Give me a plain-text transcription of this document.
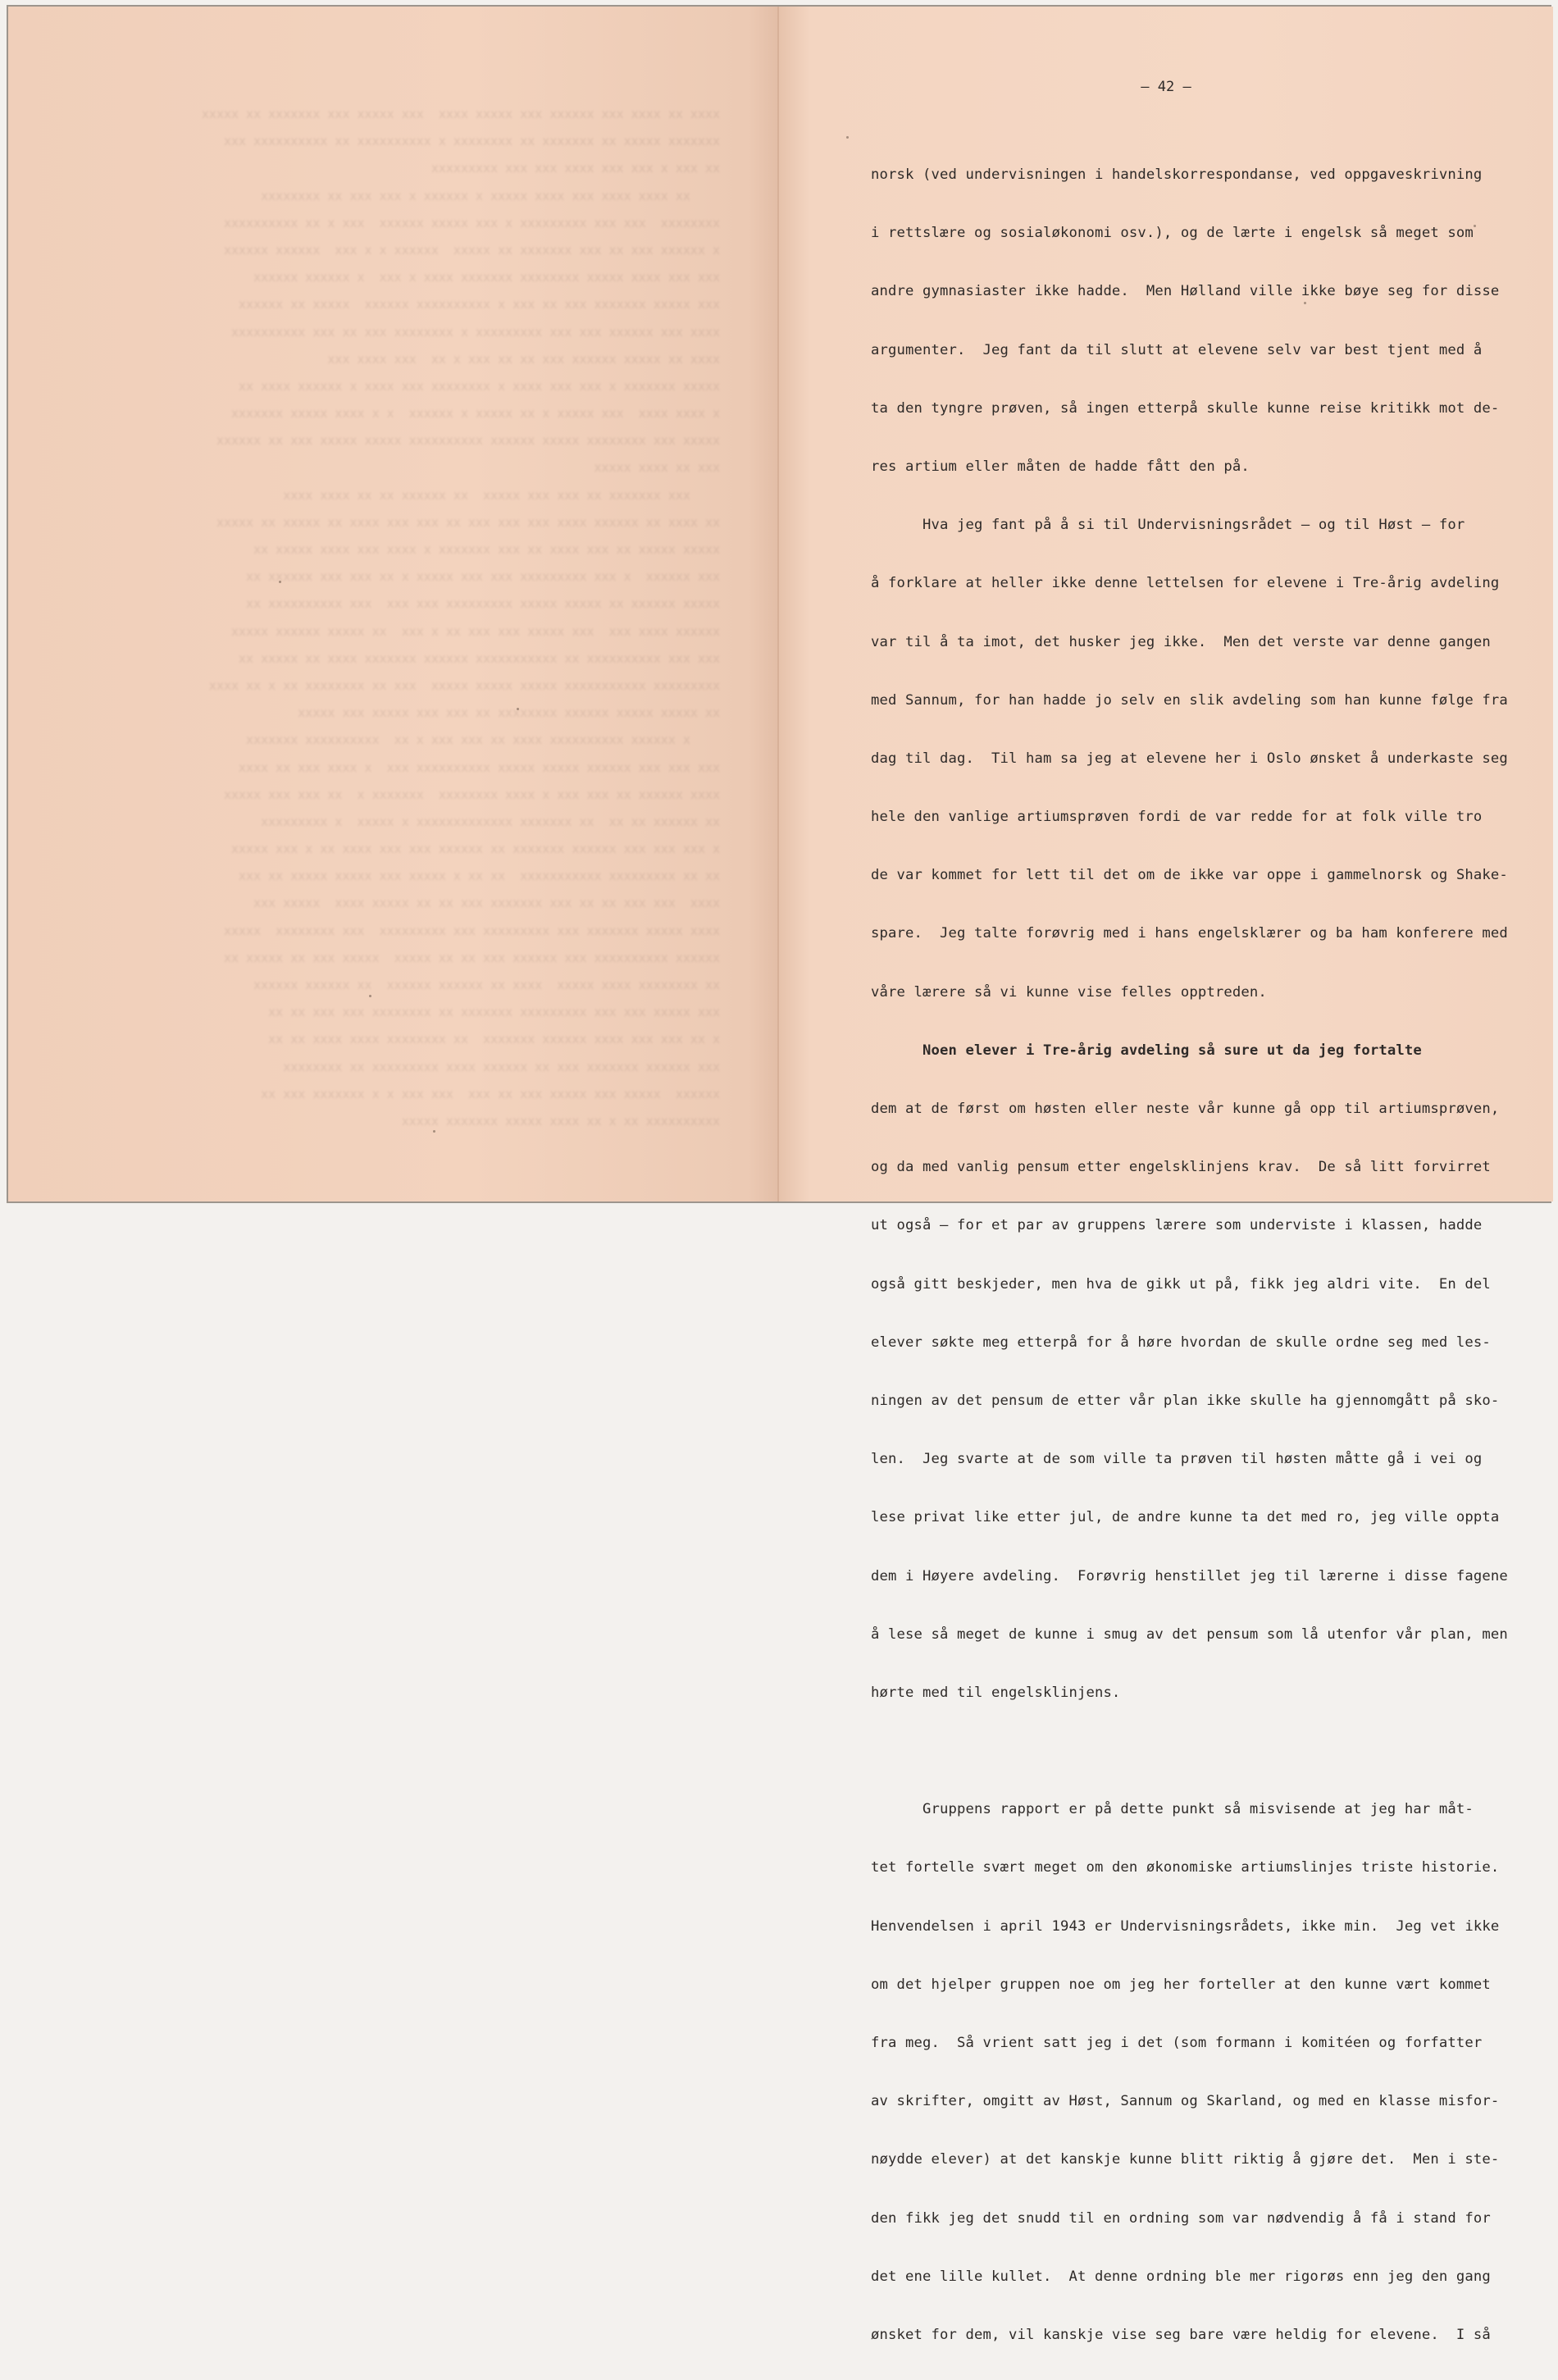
xxxx xx xxxx xxx xxxxxx xxx xxxxx xxxx  xxx xxxxx xxx xxxxxxx xx xxxxx
xxxxxxx xxxxx xx xxxxxxx xx xxxxxxxx x xxxxxxxxxx xx xxxxxxxxxx xxx
xx xxx x xxx xxx xxxx xxx xxx xxxxxxxxx
xx xxxx xxxx xxx xxxx xxxxx x xxxxxx x xxx xxx xx xxxxxxxx
xxxxxxxx  xxx xxx xxxxxxxxx x xxx xxxxx xxxxxx  xxx x xx xxxxxxxxxx
x xxxxxx xxx xx xxx xxxxxxx xx xxxxx  xxxxxx x x xxx  xxxxxx xxxxxx
xxx xxx xxxx xxxxx xxxxxxxx xxxxxxx xxxx x xxx  x xxxxxx xxxxxx
xxx xxxxx xxxxxxx xxx xx xxx x xxxxxxxxxx xxxxxx  xxxxx xx xxxxxx
xxxx xxx xxxxxx xxx xxx xxxxxxxxx x xxxxxxxx xxx xx xxx xxxxxxxxxx
xxxx xx xxxxx xxxxxx xxx xx xx xxx x xx  xxx xxxx xxx
xxxxx xxxxxxx x xxx xxx xxxx x xxxxxxxx xxx xxxx x xxxxxx xxxx xx
x xxxx xxxx  xxx xxxxx x xx xxxxx x xxxxxx  x x xxxx xxxxx xxxxxxx
xxxxx xxx xxxxxxxx xxxxx xxxxxx xxxxxxxxxx xxxxx xxxxx xxx xx xxxxxx
xxx xx xxxx xxxxx
xxx xxxxxxx xx xxx xxx xxxxx  xx xxxxxx xx xx xxxx xxxx
xx xxxx xx xxxxxx xxxx xxx xxx xxx xx xxx xxx xxxx xx xxxxx xx xxxxx
xxxxx xxxxx xx xxx xxxx xx xxx xxxxxxx x xxxx xxx xxxx xxxxx xx
xxx xxxxxx  x xxx xxxxxxxxx xxx xxx xxxxx x xx xxx xxx xxxxxx xx
xxxxx xxxxxx xx xxxxx xxxxx xxxxxxxxx xxx xxx  xxx xxxxxxxxxx xx
xxxxxx xxxx xxx  xxx xxxxx xxx xxx xx x xxx  xx xxxxx xxxxxx xxxxx
xxx xxx xxxxxxxxxx xx xxxxxxxxxxx xxxxxx xxxxxxx xxxx xx xxxxx xx
xxxxxxxxx xxxxxxxxxxx xxxxx xxxxx xxxxx  xxx xx xxxxxxxx xx x xx xxxx
xx xxxxx xxxxx xxxxxx xxxxxxxx xx xxx xxx xxxxx xxx xxxxx
x xxxxxx xxxxxxxxxx xxxx xx xxx xxx x xx  xxxxxxxxxx xxxxxxx
xxx xxx xxx xxxxxx xxxxx xxxxx xxxxxxxxxx xxx  x xxxx xxx xx xxxx
xxxx xxxxxx xx xxx xxx x xxxx xxxxxxxx  xxxxxxx x  xx xxx xxx xxxxx
xx xxxxxx xx xx  xx xxxxxxx xxxxxxxxxxxxx x xxxxx  x xxxxxxxxx
x xxx xxx xxx xxxxxx xxxxxxx xx xxxxxx xxx xxx xxxx xx x xxx xxxxx
xx xx xxxxxxxxx xxxxxxxxxxx  xx xx x xxxxx xxx xxxxx xxxxx xx xxx
xxxx  xxx xxx xx xx xxx xxxxxxx xxx xx xx xxxxx xxxx  xxxxx xxx
xxxx xxxxx xxxxxxx xxx xxxxxxxxx xxx xxxxxxxxx  xxx xxxxxxxx  xxxxx
xxxxxx xxxxxxxxxx xxx xxxxxx xxx xx xx xxxxx  xxxxx xxx xx xxxxx xx
xx xxxxxxxx xxxx xxxxx  xxxx xx xxxxxx xxxxxx  xx xxxxxx xxxxxx
xxx xxxxx xxx xxx xxxxxxxxx xxxxxxx xx xxxxxxxx xxx xxx xx xx
x xx xxx xxx xxxx xxxxxx xxxxxxx  xx xxxxxxxx xxxx xxxx xx xx
xxx xxxxxx xxxxxxx xxx xx xxxxxx xxxx xxxxxxxxx xx xxxxxxxx
xxxxxx  xxxxx xxx xxxxx xxx xx xxx  xxx xxx x x xxxxxxx xxx xx
xxxxxxxxxx xx x xx xxxx xxxxx xxxxxxx xxxxx
– 42 –

norsk (ved undervisningen i handelskorrespondanse, ved oppgaveskrivning

i rettslære og sosialøkonomi osv.), og de lærte i engelsk så meget som

andre gymnasiaster ikke hadde.  Men Hølland ville ikke bøye seg for disse

argumenter.  Jeg fant da til slutt at elevene selv var best tjent med å

ta den tyngre prøven, så ingen etterpå skulle kunne reise kritikk mot de-

res artium eller måten de hadde fått den på.

Hva jeg fant på å si til Undervisningsrådet – og til Høst – for

å forklare at heller ikke denne lettelsen for elevene i Tre-årig avdeling

var til å ta imot, det husker jeg ikke.  Men det verste var denne gangen

med Sannum, for han hadde jo selv en slik avdeling som han kunne følge fra

dag til dag.  Til ham sa jeg at elevene her i Oslo ønsket å underkaste seg

hele den vanlige artiumsprøven fordi de var redde for at folk ville tro

de var kommet for lett til det om de ikke var oppe i gammelnorsk og Shake-

spare.  Jeg talte forøvrig med i hans engelsklærer og ba ham konferere med

våre lærere så vi kunne vise felles opptreden.

Noen elever i Tre-årig avdeling så sure ut da jeg fortalte

dem at de først om høsten eller neste vår kunne gå opp til artiumsprøven,

og da med vanlig pensum etter engelsklinjens krav.  De så litt forvirret

ut også – for et par av gruppens lærere som underviste i klassen, hadde

også gitt beskjeder, men hva de gikk ut på, fikk jeg aldri vite.  En del

elever søkte meg etterpå for å høre hvordan de skulle ordne seg med les-

ningen av det pensum de etter vår plan ikke skulle ha gjennomgått på sko-

len.  Jeg svarte at de som ville ta prøven til høsten måtte gå i vei og

lese privat like etter jul, de andre kunne ta det med ro, jeg ville oppta

dem i Høyere avdeling.  Forøvrig henstillet jeg til lærerne i disse fagene

å lese så meget de kunne i smug av det pensum som lå utenfor vår plan, men

hørte med til engelsklinjens.

Gruppens rapport er på dette punkt så misvisende at jeg har måt-

tet fortelle svært meget om den økonomiske artiumslinjes triste historie.

Henvendelsen i april 1943 er Undervisningsrådets, ikke min.  Jeg vet ikke

om det hjelper gruppen noe om jeg her forteller at den kunne vært kommet

fra meg.  Så vrient satt jeg i det (som formann i komitéen og forfatter

av skrifter, omgitt av Høst, Sannum og Skarland, og med en klasse misfor-

nøydde elever) at det kanskje kunne blitt riktig å gjøre det.  Men i ste-

den fikk jeg det snudd til en ordning som var nødvendig å få i stand for

det ene lille kullet.  At denne ordning ble mer rigorøs enn jeg den gang

ønsket for dem, vil kanskje vise seg bare være heldig for elevene.  I så
